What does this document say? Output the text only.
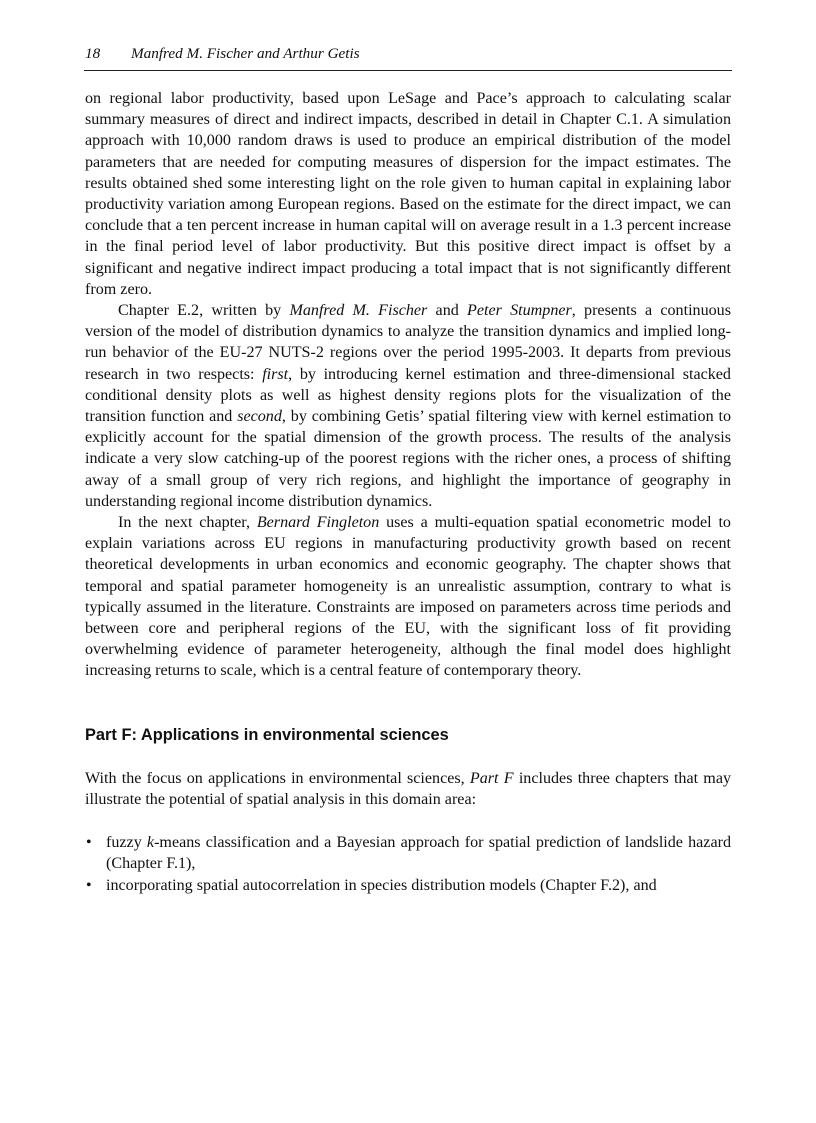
18 Manfred M. Fischer and Arthur Getis

on regional labor productivity, based upon LeSage and Pace’s approach to calculating scalar summary measures of direct and indirect impacts, described in detail in Chapter C.1. A simulation approach with 10,000 random draws is used to produce an empirical distribution of the model parameters that are needed for computing measures of dispersion for the impact estimates. The results obtained shed some interesting light on the role given to human capital in explaining labor productivity variation among European regions. Based on the estimate for the direct impact, we can conclude that a ten percent increase in human capital will on average result in a 1.3 percent increase in the final period level of labor productivity. But this positive direct impact is offset by a significant and negative indirect impact producing a total impact that is not significantly different from zero.

Chapter E.2, written by Manfred M. Fischer and Peter Stumpner, presents a continuous version of the model of distribution dynamics to analyze the transition dynamics and implied long-run behavior of the EU-27 NUTS-2 regions over the period 1995-2003. It departs from previous research in two respects: first, by introducing kernel estimation and three-dimensional stacked conditional density plots as well as highest density regions plots for the visualization of the transition function and second, by combining Getis’ spatial filtering view with kernel estimation to explicitly account for the spatial dimension of the growth process. The results of the analysis indicate a very slow catching-up of the poorest regions with the richer ones, a process of shifting away of a small group of very rich regions, and highlight the importance of geography in understanding regional income distribution dynamics.

In the next chapter, Bernard Fingleton uses a multi-equation spatial econometric model to explain variations across EU regions in manufacturing productivity growth based on recent theoretical developments in urban economics and economic geography. The chapter shows that temporal and spatial parameter homogeneity is an unrealistic assumption, contrary to what is typically assumed in the literature. Constraints are imposed on parameters across time periods and between core and peripheral regions of the EU, with the significant loss of fit providing overwhelming evidence of parameter heterogeneity, although the final model does highlight increasing returns to scale, which is a central feature of contemporary theory.

Part F: Applications in environmental sciences

With the focus on applications in environmental sciences, Part F includes three chapters that may illustrate the potential of spatial analysis in this domain area:

• fuzzy k-means classification and a Bayesian approach for spatial prediction of landslide hazard (Chapter F.1),
• incorporating spatial autocorrelation in species distribution models (Chapter F.2), and
